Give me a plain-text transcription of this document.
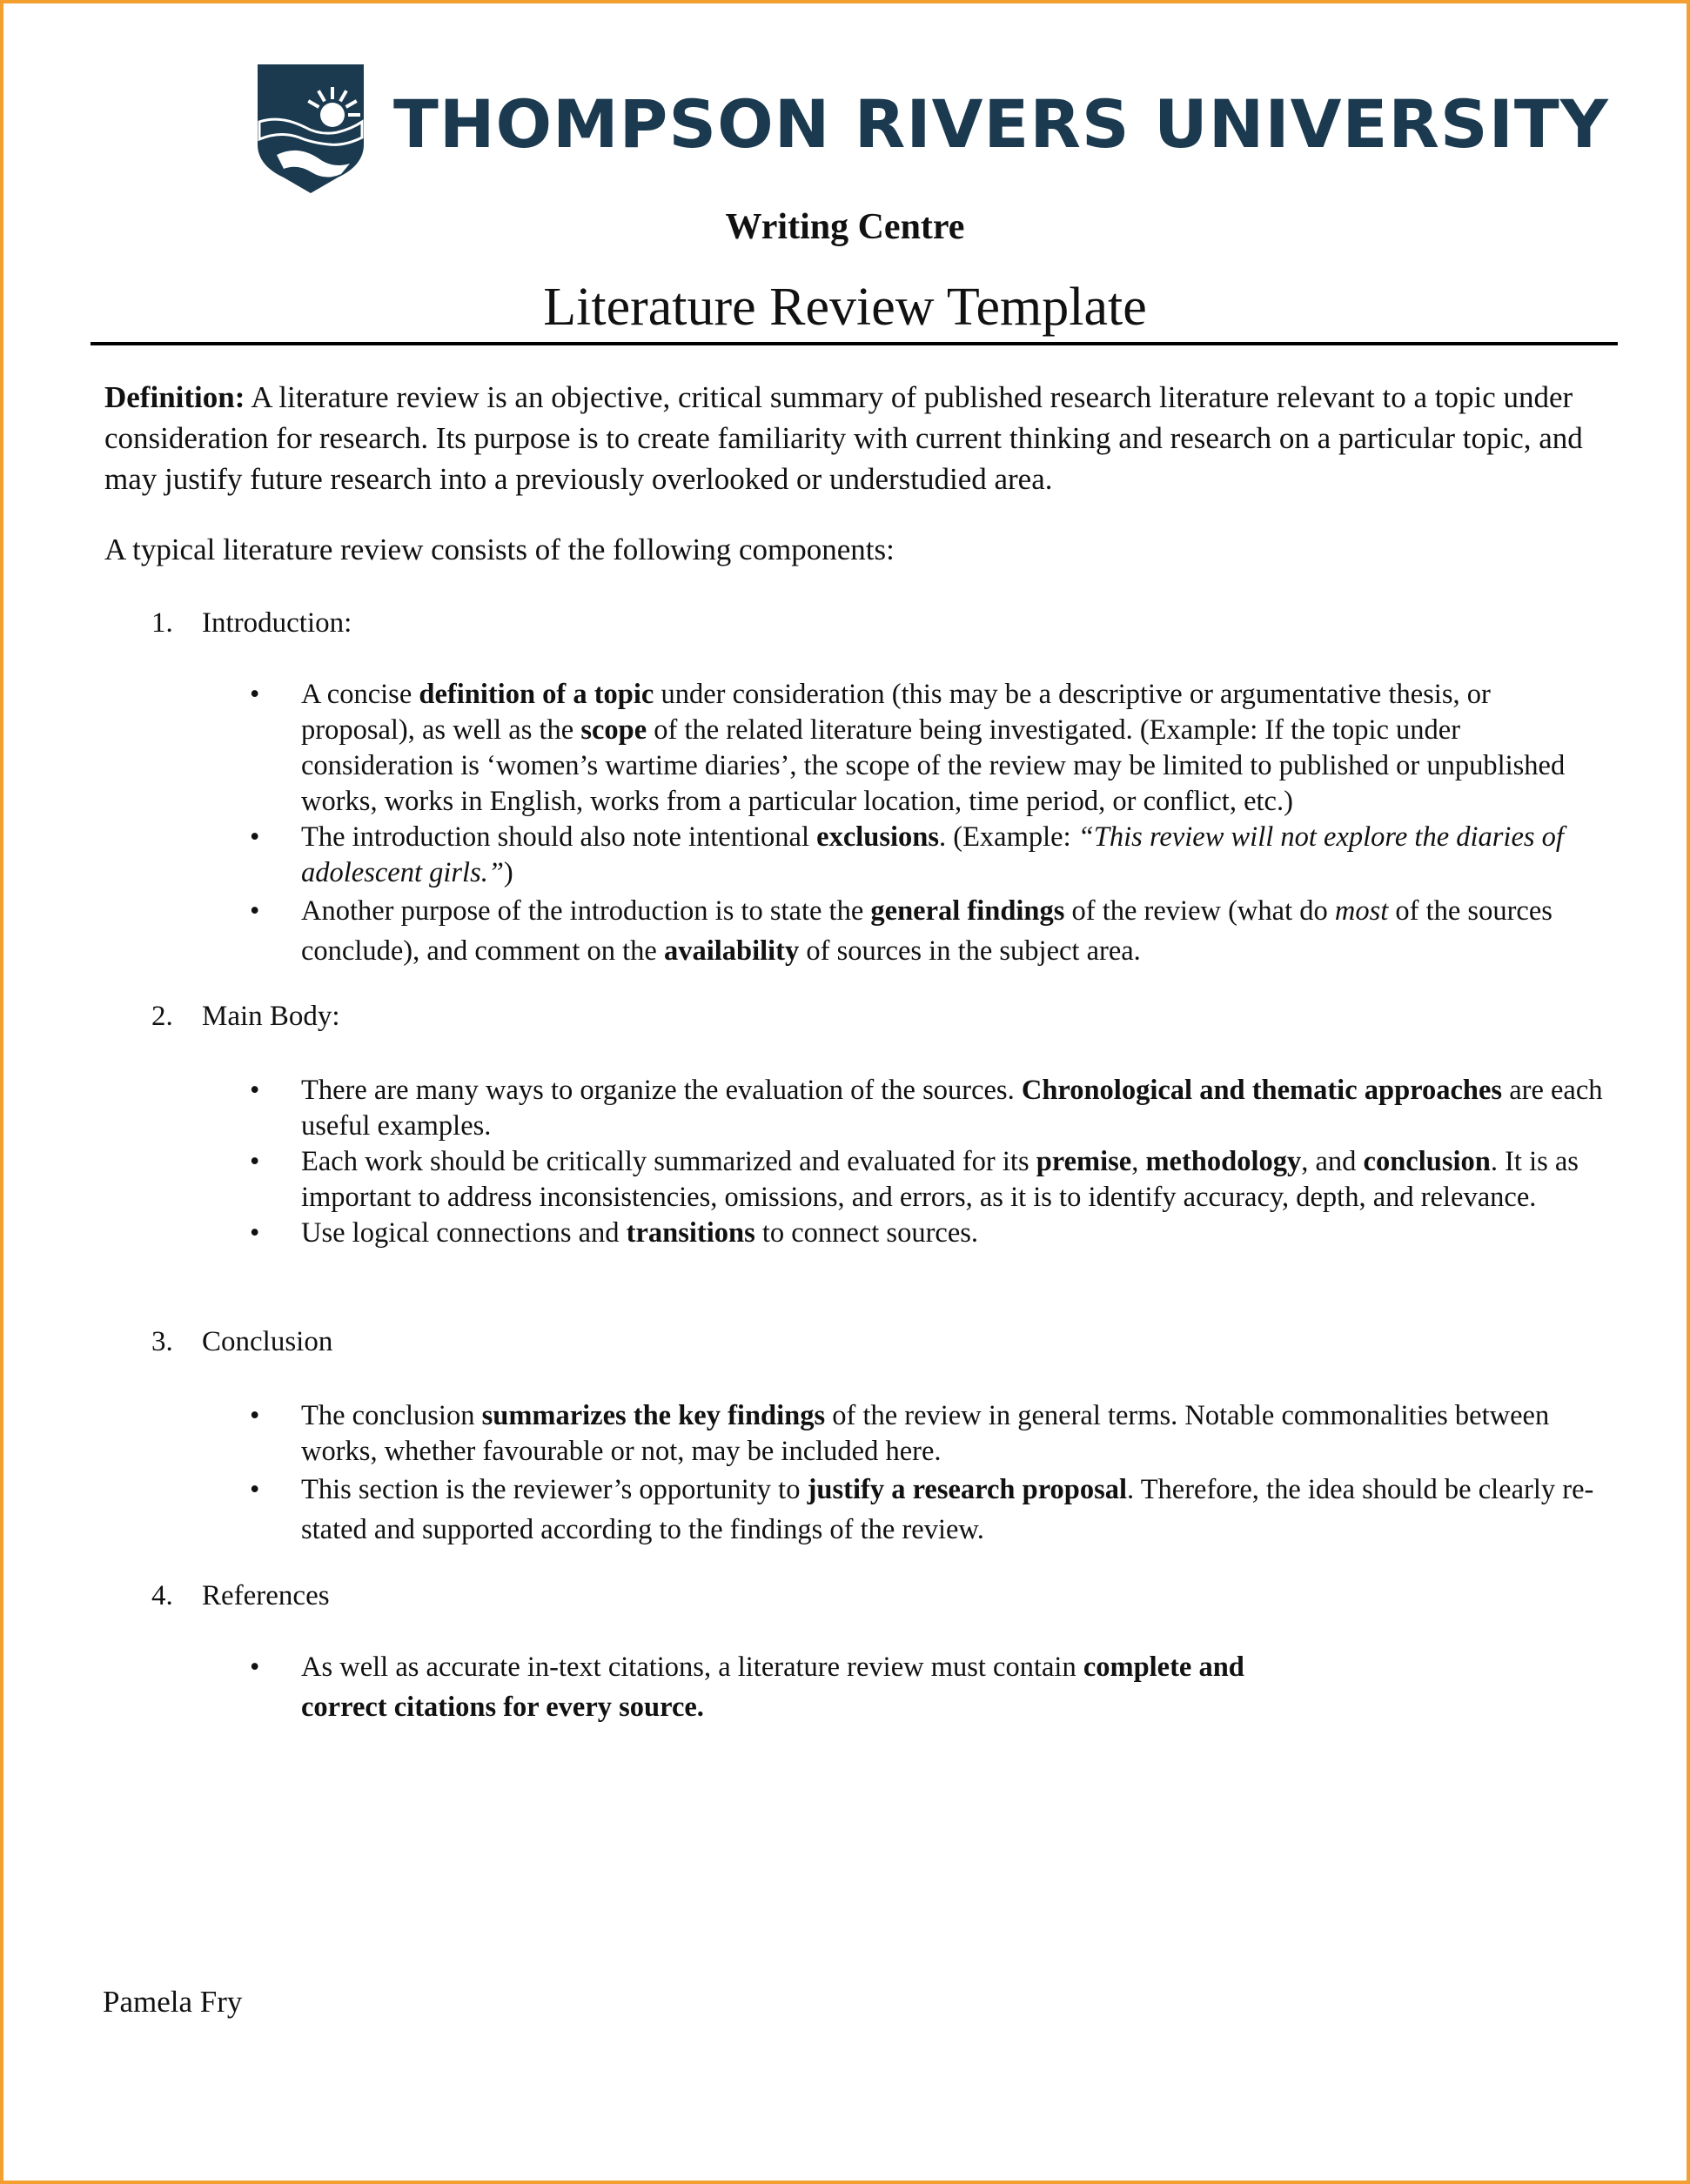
THOMPSON RIVERS UNIVERSITY
Writing Centre
Literature Review Template
Definition: A literature review is an objective, critical summary of published research literature relevant to a topic under consideration for research. Its purpose is to create familiarity with current thinking and research on a particular topic, and may justify future research into a previously overlooked or understudied area.
A typical literature review consists of the following components:
1. Introduction:
• A concise definition of a topic under consideration (this may be a descriptive or argumentative thesis, or proposal), as well as the scope of the related literature being investigated. (Example: If the topic under consideration is ‘women’s wartime diaries’, the scope of the review may be limited to published or unpublished works, works in English, works from a particular location, time period, or conflict, etc.)
• The introduction should also note intentional exclusions. (Example: “This review will not explore the diaries of adolescent girls.”)
• Another purpose of the introduction is to state the general findings of the review (what do most of the sources conclude), and comment on the availability of sources in the subject area.
2. Main Body:
• There are many ways to organize the evaluation of the sources. Chronological and thematic approaches are each useful examples.
• Each work should be critically summarized and evaluated for its premise, methodology, and conclusion. It is as important to address inconsistencies, omissions, and errors, as it is to identify accuracy, depth, and relevance.
• Use logical connections and transitions to connect sources.
3. Conclusion
• The conclusion summarizes the key findings of the review in general terms. Notable commonalities between works, whether favourable or not, may be included here.
• This section is the reviewer’s opportunity to justify a research proposal. Therefore, the idea should be clearly re-stated and supported according to the findings of the review.
4. References
• As well as accurate in-text citations, a literature review must contain complete and correct citations for every source.
Pamela Fry
